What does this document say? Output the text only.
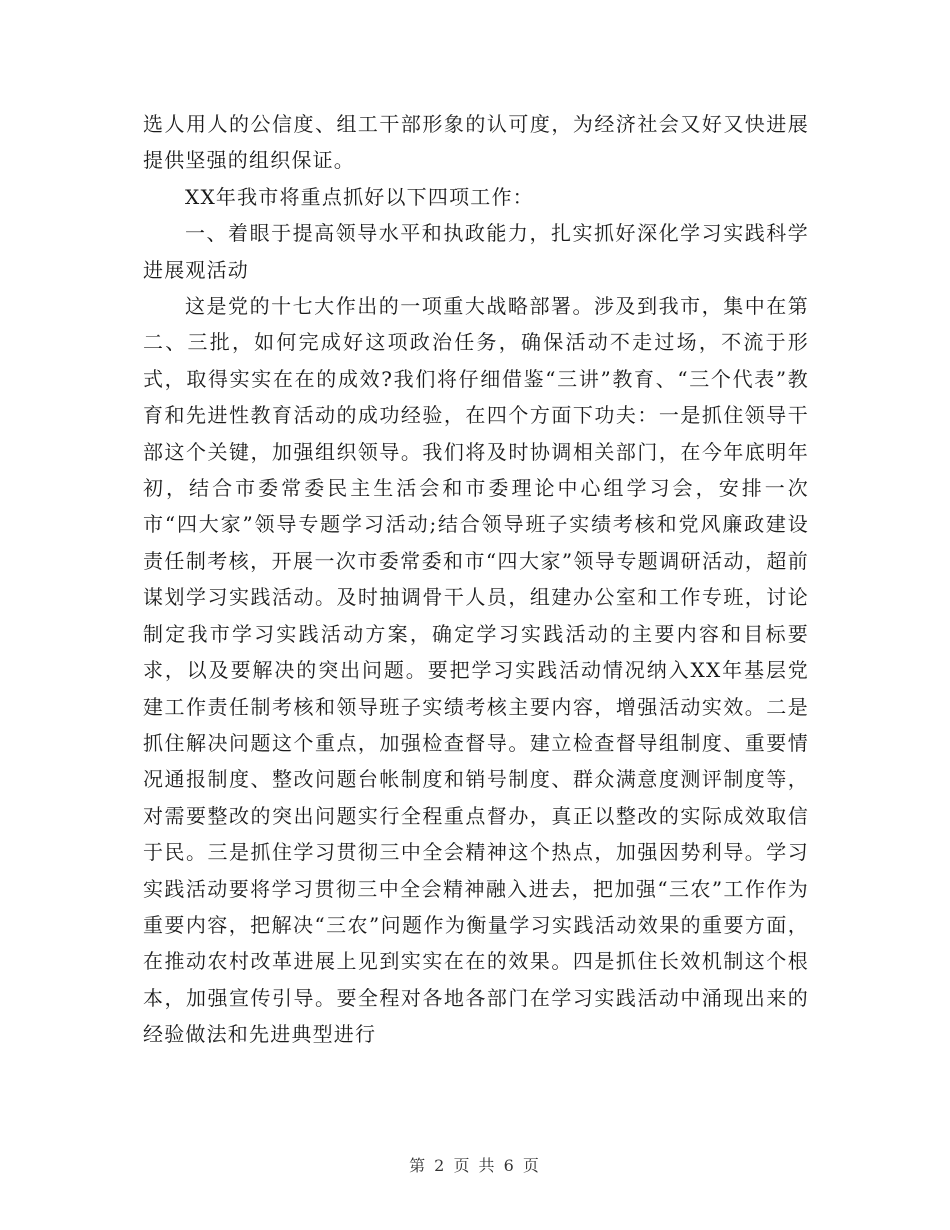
选人用人的公信度、组工干部形象的认可度，为经济社会又好又快进展提供坚强的组织保证。

XX年我市将重点抓好以下四项工作：

一、着眼于提高领导水平和执政能力，扎实抓好深化学习实践科学进展观活动

这是党的十七大作出的一项重大战略部署。涉及到我市，集中在第二、三批，如何完成好这项政治任务，确保活动不走过场，不流于形式，取得实实在在的成效?我们将仔细借鉴“三讲”教育、“三个代表”教育和先进性教育活动的成功经验，在四个方面下功夫：一是抓住领导干部这个关键，加强组织领导。我们将及时协调相关部门，在今年底明年初，结合市委常委民主生活会和市委理论中心组学习会，安排一次市“四大家”领导专题学习活动;结合领导班子实绩考核和党风廉政建设责任制考核，开展一次市委常委和市“四大家”领导专题调研活动，超前谋划学习实践活动。及时抽调骨干人员，组建办公室和工作专班，讨论制定我市学习实践活动方案，确定学习实践活动的主要内容和目标要求，以及要解决的突出问题。要把学习实践活动情况纳入XX年基层党建工作责任制考核和领导班子实绩考核主要内容，增强活动实效。二是抓住解决问题这个重点，加强检查督导。建立检查督导组制度、重要情况通报制度、整改问题台帐制度和销号制度、群众满意度测评制度等，对需要整改的突出问题实行全程重点督办，真正以整改的实际成效取信于民。三是抓住学习贯彻三中全会精神这个热点，加强因势利导。学习实践活动要将学习贯彻三中全会精神融入进去，把加强“三农”工作作为重要内容，把解决“三农”问题作为衡量学习实践活动效果的重要方面，在推动农村改革进展上见到实实在在的效果。四是抓住长效机制这个根本，加强宣传引导。要全程对各地各部门在学习实践活动中涌现出来的经验做法和先进典型进行

第 2 页 共 6 页
